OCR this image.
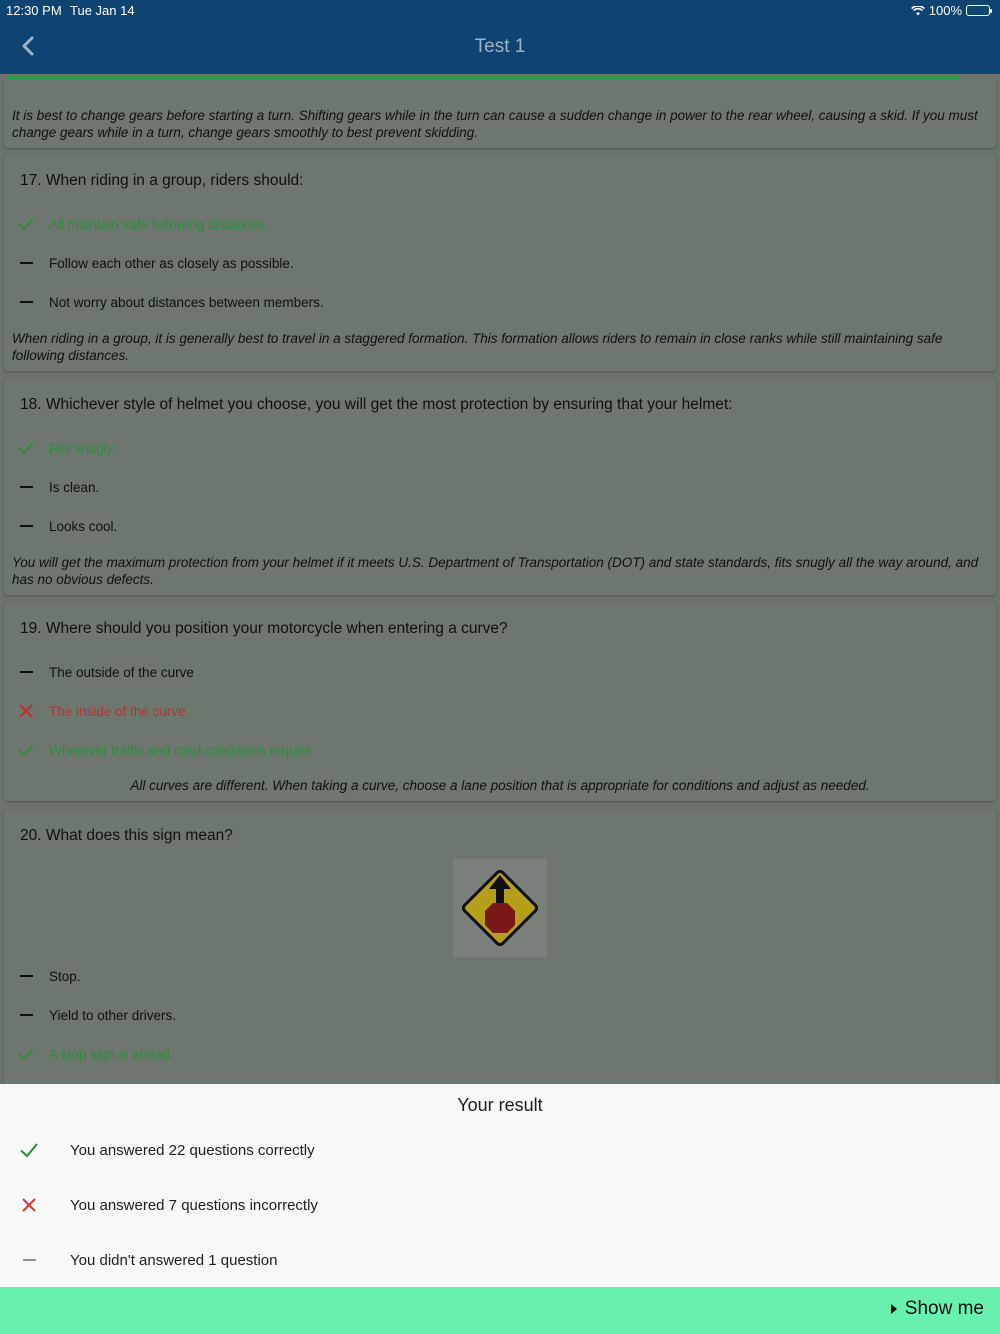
12:30 PM Tue Jan 14	100%
Test 1
It is best to change gears before starting a turn. Shifting gears while in the turn can cause a sudden change in power to the rear wheel, causing a skid. If you must change gears while in a turn, change gears smoothly to best prevent skidding.
17. When riding in a group, riders should:
All maintain safe following distances.
Follow each other as closely as possible.
Not worry about distances between members.
When riding in a group, it is generally best to travel in a staggered formation. This formation allows riders to remain in close ranks while still maintaining safe following distances.
18. Whichever style of helmet you choose, you will get the most protection by ensuring that your helmet:
Fits snugly.
Is clean.
Looks cool.
You will get the maximum protection from your helmet if it meets U.S. Department of Transportation (DOT) and state standards, fits snugly all the way around, and has no obvious defects.
19. Where should you position your motorcycle when entering a curve?
The outside of the curve
The inside of the curve
Wherever traffic and road conditions require
All curves are different. When taking a curve, choose a lane position that is appropriate for conditions and adjust as needed.
20. What does this sign mean?
Stop.
Yield to other drivers.
A stop sign is ahead.
Your result
You answered 22 questions correctly
You answered 7 questions incorrectly
You didn't answered 1 question
Show me
